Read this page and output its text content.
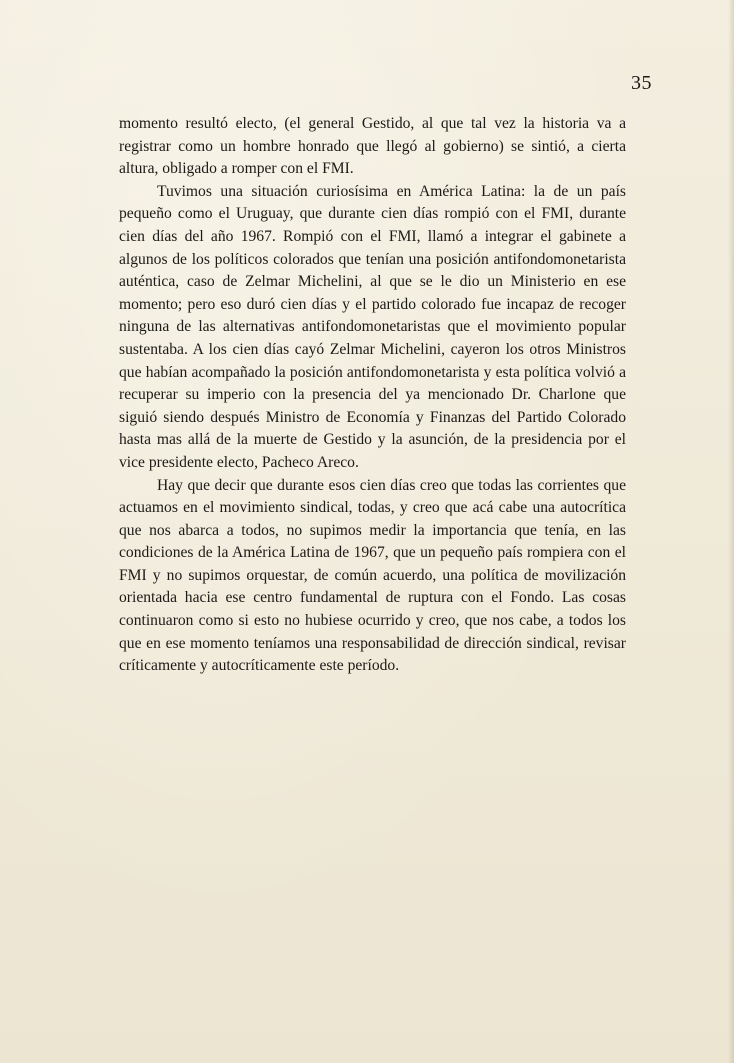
35

momento resultó electo, (el general Gestido, al que tal vez la historia va a registrar como un hombre honrado que llegó al gobierno) se sintió, a cierta altura, obligado a romper con el FMI.

Tuvimos una situación curiosísima en América Latina: la de un país pequeño como el Uruguay, que durante cien días rompió con el FMI, durante cien días del año 1967. Rompió con el FMI, llamó a integrar el gabinete a algunos de los políticos colorados que tenían una posición antifondomonetarista auténtica, caso de Zelmar Michelini, al que se le dio un Ministerio en ese momento; pero eso duró cien días y el partido colorado fue incapaz de recoger ninguna de las alternativas antifondomonetaristas que el movimiento popular sustentaba. A los cien días cayó Zelmar Michelini, cayeron los otros Ministros que habían acompañado la posición antifondomonetarista y esta política volvió a recuperar su imperio con la presencia del ya mencionado Dr. Charlone que siguió siendo después Ministro de Economía y Finanzas del Partido Colorado hasta mas allá de la muerte de Gestido y la asunción, de la presidencia por el vice presidente electo, Pacheco Areco.

Hay que decir que durante esos cien días creo que todas las corrientes que actuamos en el movimiento sindical, todas, y creo que acá cabe una autocrítica que nos abarca a todos, no supimos medir la importancia que tenía, en las condiciones de la América Latina de 1967, que un pequeño país rompiera con el FMI y no supimos orquestar, de común acuerdo, una política de movilización orientada hacia ese centro fundamental de ruptura con el Fondo. Las cosas continuaron como si esto no hubiese ocurrido y creo, que nos cabe, a todos los que en ese momento teníamos una responsabilidad de dirección sindical, revisar críticamente y autocríticamente este período.
